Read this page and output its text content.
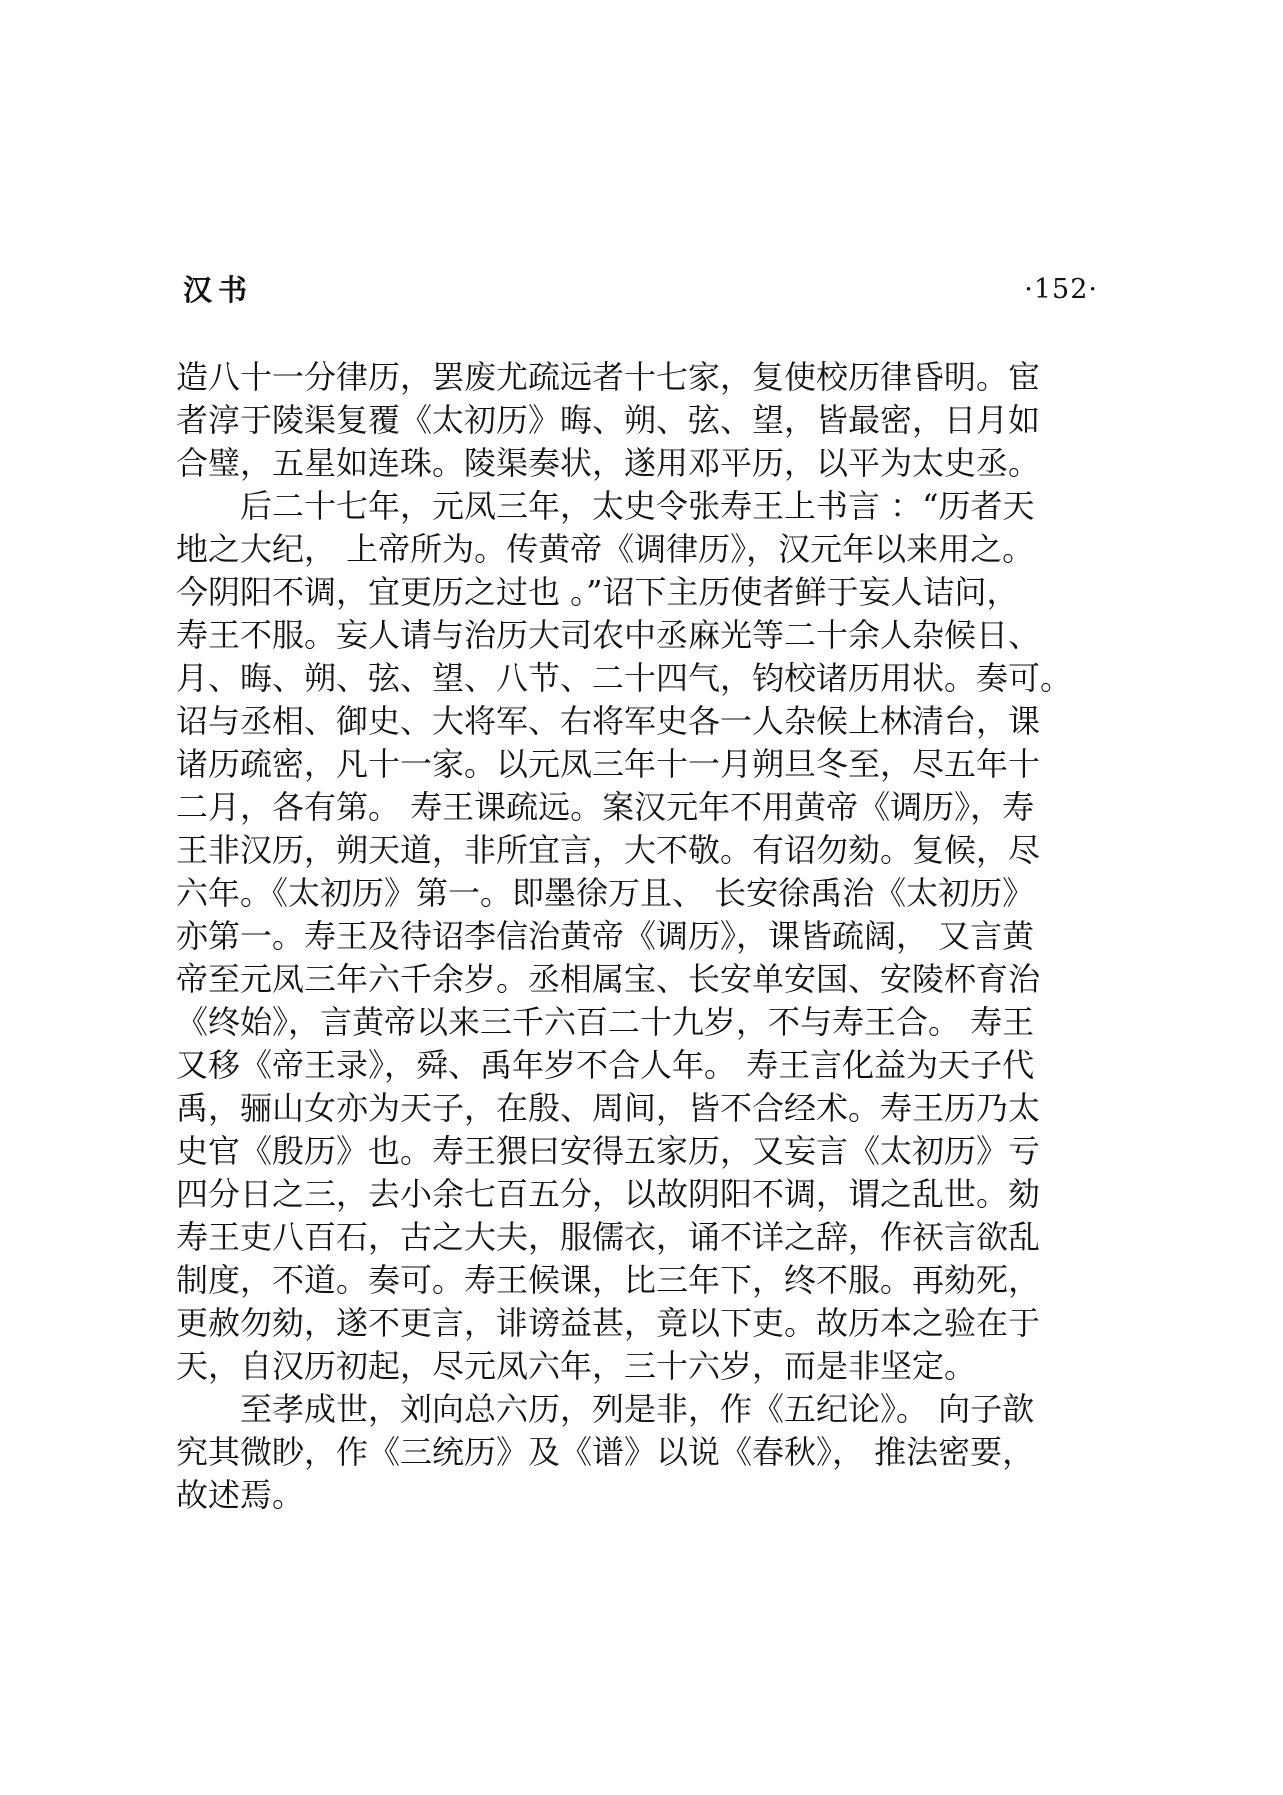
汉书	·152·
造八十一分律历，罢废尤疏远者十七家，复使校历律昏明。宦
者淳于陵渠复覆《太初历》晦、朔、弦、望，皆最密，日月如
合璧，五星如连珠。陵渠奏状，遂用邓平历，以平为太史丞。
　　后二十七年，元凤三年，太史令张寿王上书言 ：“历者天
地之大纪， 上帝所为。传黄帝《调律历》，汉元年以来用之。
今阴阳不调，宜更历之过也 。”诏下主历使者鲜于妄人诘问，
寿王不服。妄人请与治历大司农中丞麻光等二十余人杂候日、
月、晦、朔、弦、望、八节、二十四气，钧校诸历用状。奏可。
诏与丞相、御史、大将军、右将军史各一人杂候上林清台，课
诸历疏密，凡十一家。以元凤三年十一月朔旦冬至，尽五年十
二月，各有第。 寿王课疏远。案汉元年不用黄帝《调历》，寿
王非汉历，朔天道，非所宜言，大不敬。有诏勿劾。复候，尽
六年。《太初历》第一。即墨徐万且、 长安徐禹治《太初历》
亦第一。寿王及待诏李信治黄帝《调历》，课皆疏阔， 又言黄
帝至元凤三年六千余岁。丞相属宝、长安单安国、安陵杯育治
《终始》，言黄帝以来三千六百二十九岁，不与寿王合。 寿王
又移《帝王录》，舜、禹年岁不合人年。 寿王言化益为天子代
禹，骊山女亦为天子，在殷、周间，皆不合经术。寿王历乃太
史官《殷历》也。寿王猥曰安得五家历，又妄言《太初历》亏
四分日之三，去小余七百五分，以故阴阳不调，谓之乱世。劾
寿王吏八百石，古之大夫，服儒衣，诵不详之辞，作祆言欲乱
制度，不道。奏可。寿王候课，比三年下，终不服。再劾死，
更赦勿劾，遂不更言，诽谤益甚，竟以下吏。故历本之验在于
天，自汉历初起，尽元凤六年，三十六岁，而是非坚定。
　　至孝成世，刘向总六历，列是非，作《五纪论》。 向子歆
究其微眇，作《三统历》及《谱》以说《春秋》， 推法密要，
故述焉。
